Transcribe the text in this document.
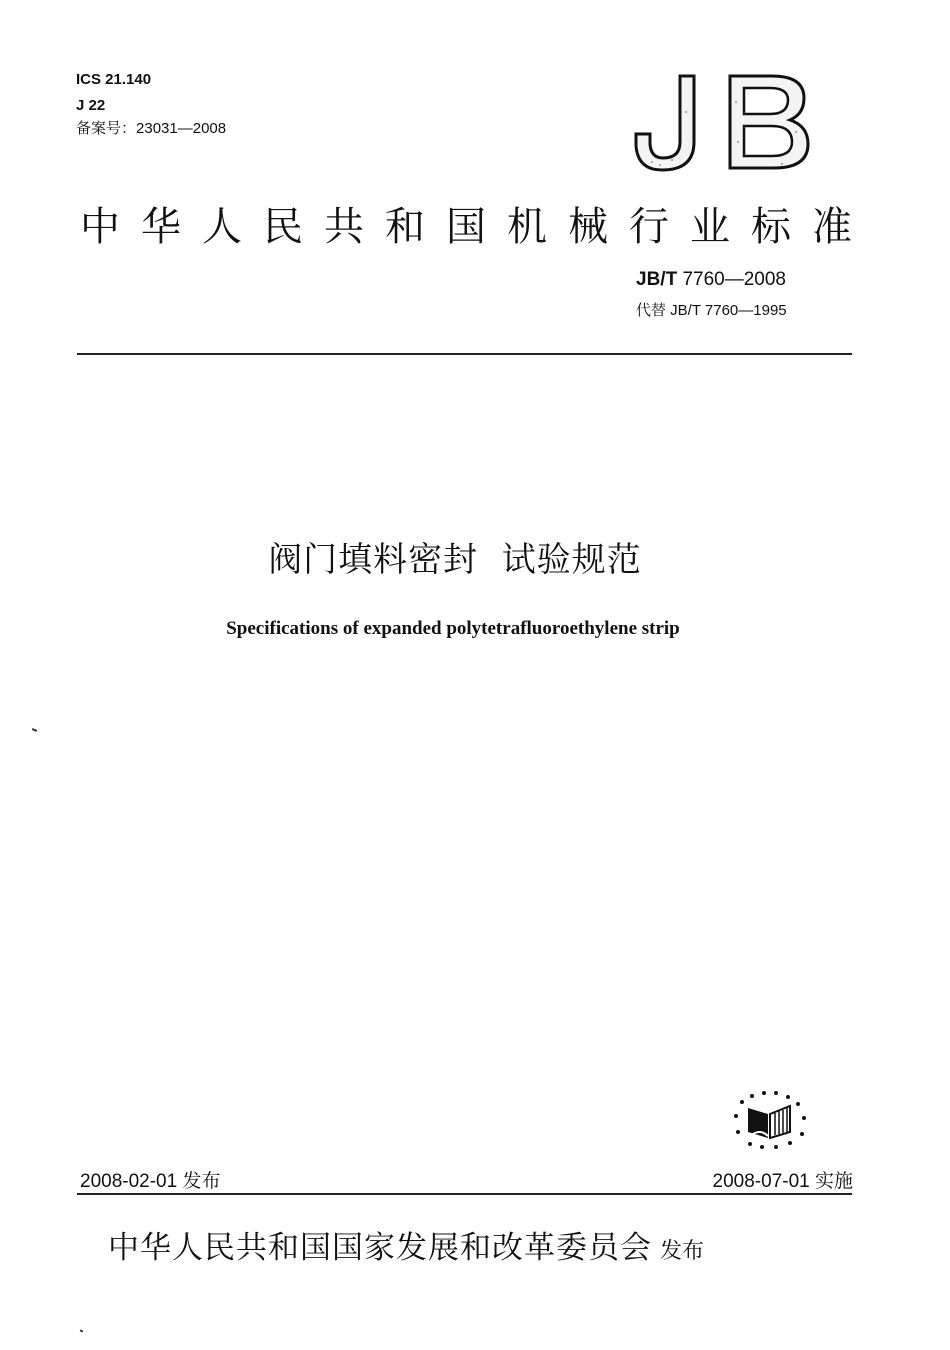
ICS 21.140
J 22
备案号：23031—2008
中华人民共和国机械行业标准
JB/T 7760—2008
代替 JB/T 7760—1995
阀门填料密封  试验规范
Specifications of expanded polytetrafluoroethylene strip
2008-02-01 发布	2008-07-01 实施
中华人民共和国国家发展和改革委员会 发布
